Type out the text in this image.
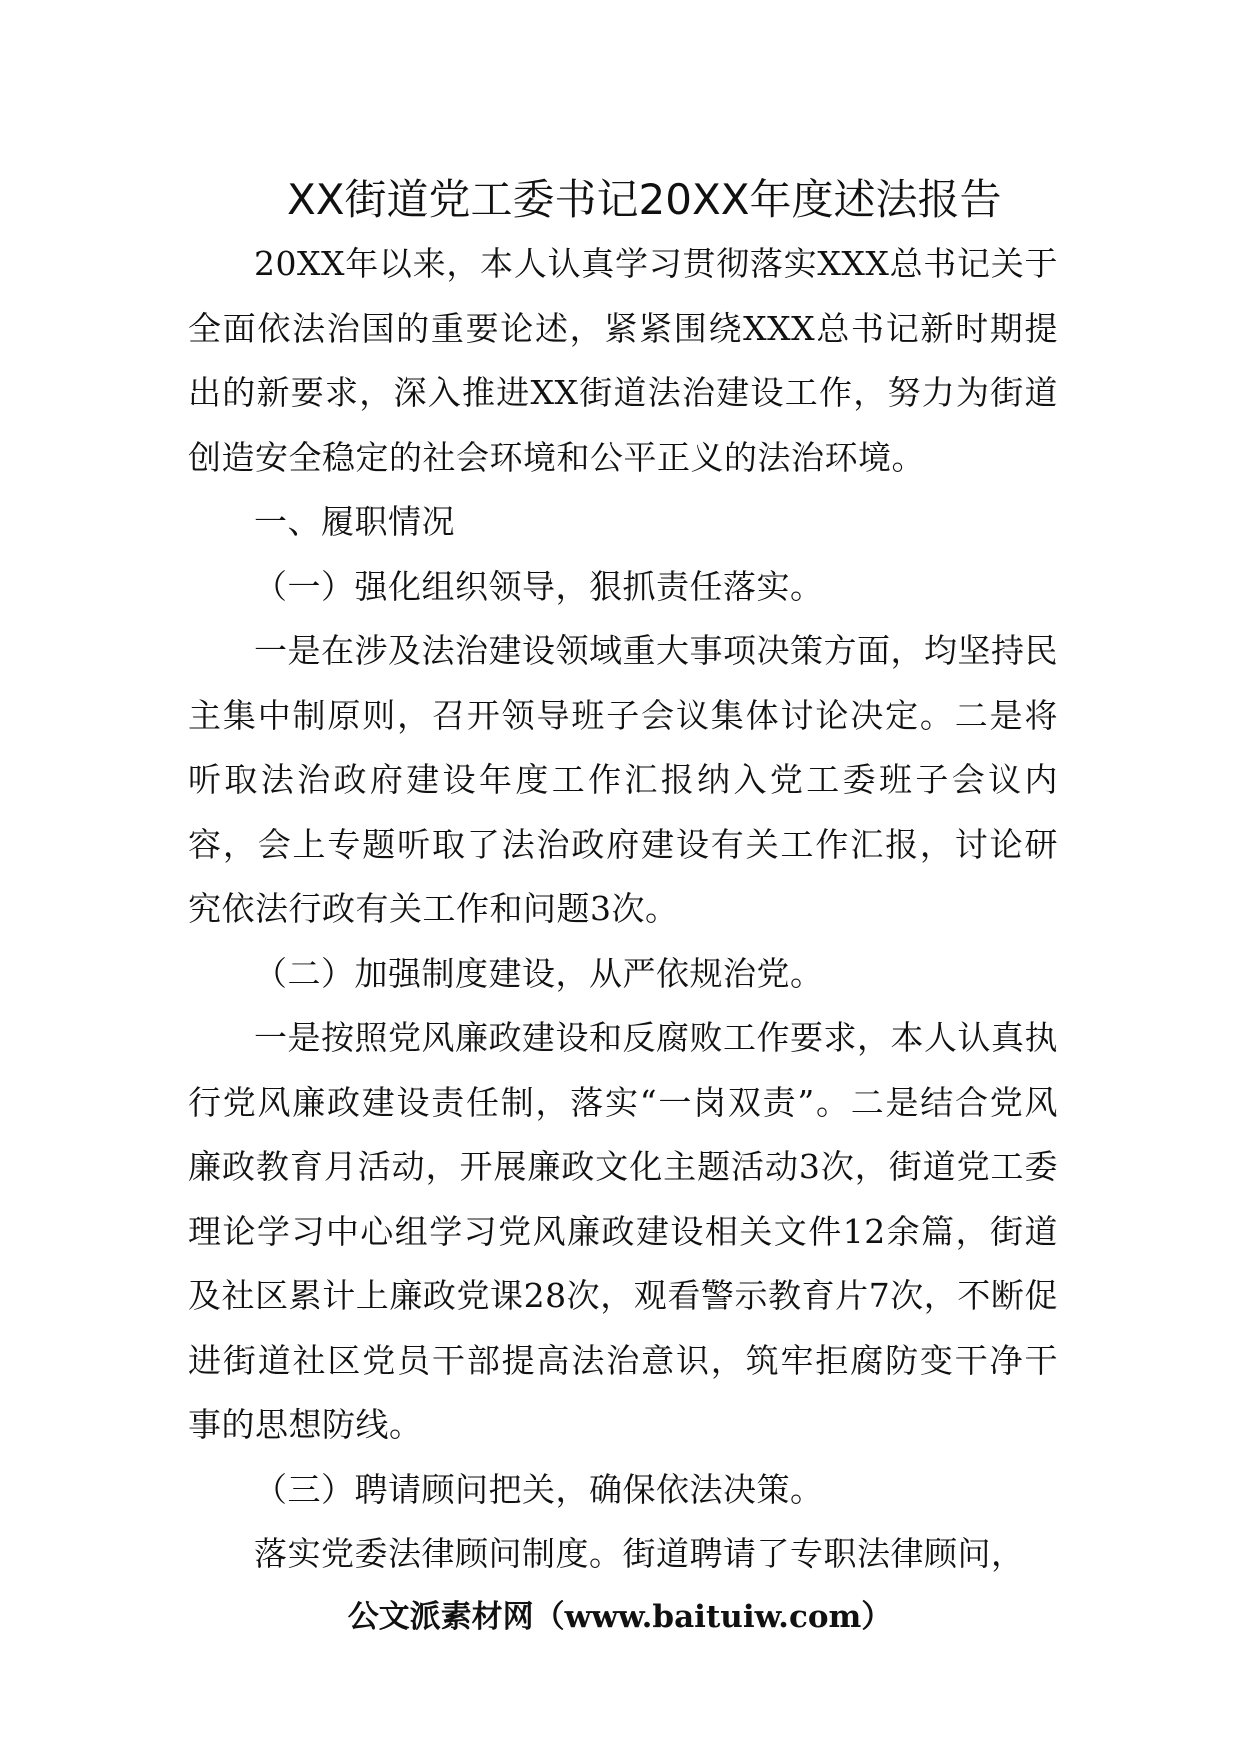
XX街道党工委书记20XX年度述法报告

20XX年以来，本人认真学习贯彻落实XXX总书记关于全面依法治国的重要论述，紧紧围绕XXX总书记新时期提出的新要求，深入推进XX街道法治建设工作，努力为街道创造安全稳定的社会环境和公平正义的法治环境。

一、履职情况

（一）强化组织领导，狠抓责任落实。

一是在涉及法治建设领域重大事项决策方面，均坚持民主集中制原则，召开领导班子会议集体讨论决定。二是将听取法治政府建设年度工作汇报纳入党工委班子会议内容，会上专题听取了法治政府建设有关工作汇报，讨论研究依法行政有关工作和问题3次。

（二）加强制度建设，从严依规治党。

一是按照党风廉政建设和反腐败工作要求，本人认真执行党风廉政建设责任制，落实“一岗双责”。二是结合党风廉政教育月活动，开展廉政文化主题活动3次，街道党工委理论学习中心组学习党风廉政建设相关文件12余篇，街道及社区累计上廉政党课28次，观看警示教育片7次，不断促进街道社区党员干部提高法治意识，筑牢拒腐防变干净干事的思想防线。

（三）聘请顾问把关，确保依法决策。

落实党委法律顾问制度。街道聘请了专职法律顾问，

公文派素材网（www.baituiw.com）
